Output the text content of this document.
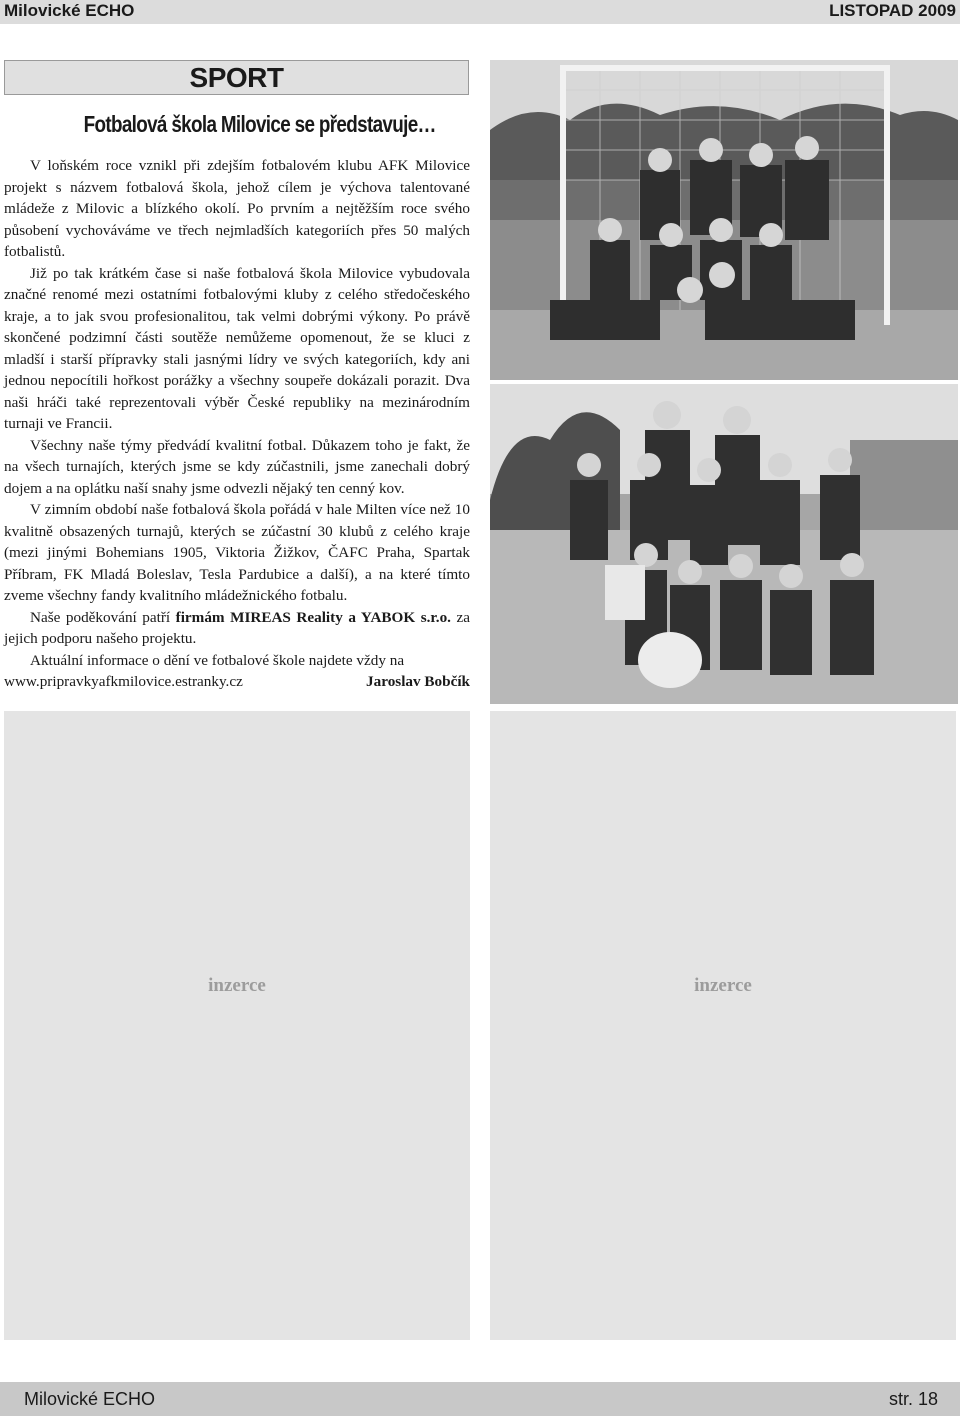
Milovické ECHO	LISTOPAD 2009
SPORT
Fotbalová škola Milovice se představuje…

V loňském roce vznikl při zdejším fotbalovém klubu AFK Milovice projekt s názvem fotbalová škola, jehož cílem je výchova talentované mládeže z Milovic a blízkého okolí. Po prvním a nejtěžším roce svého působení vychováváme ve třech nejmladších kategoriích přes 50 malých fotbalistů.

Již po tak krátkém čase si naše fotbalová škola Milovice vybudovala značné renomé mezi ostatními fotbalovými kluby z celého středočeského kraje, a to jak svou profesionalitou, tak velmi dobrými výkony. Po právě skončené podzimní části soutěže nemůžeme opomenout, že se kluci z mladší i starší přípravky stali jasnými lídry ve svých kategoriích, kdy ani jednou nepocítili hořkost porážky a všechny soupeře dokázali porazit. Dva naši hráči také reprezentovali výběr České republiky na mezinárodním turnaji ve Francii.

Všechny naše týmy předvádí kvalitní fotbal. Důkazem toho je fakt, že na všech turnajích, kterých jsme se kdy zúčastnili, jsme zanechali dobrý dojem a na oplátku naší snahy jsme odvezli nějaký ten cenný kov.

V zimním období naše fotbalová škola pořádá v hale Milten více než 10 kvalitně obsazených turnajů, kterých se zúčastní 30 klubů z celého kraje (mezi jinými Bohemians 1905, Viktoria Žižkov, ČAFC Praha, Spartak Příbram, FK Mladá Boleslav, Tesla Pardubice a další), a na které tímto zveme všechny fandy kvalitního mládežnického fotbalu.

Naše poděkování patří firmám MIREAS Reality a YABOK s.r.o. za jejich podporu našeho projektu.

Aktuální informace o dění ve fotbalové škole najdete vždy na

www.pripravkyafkmilovice.estranky.cz	Jaroslav Bobčík

inzerce	inzerce
Milovické ECHO	str. 18
